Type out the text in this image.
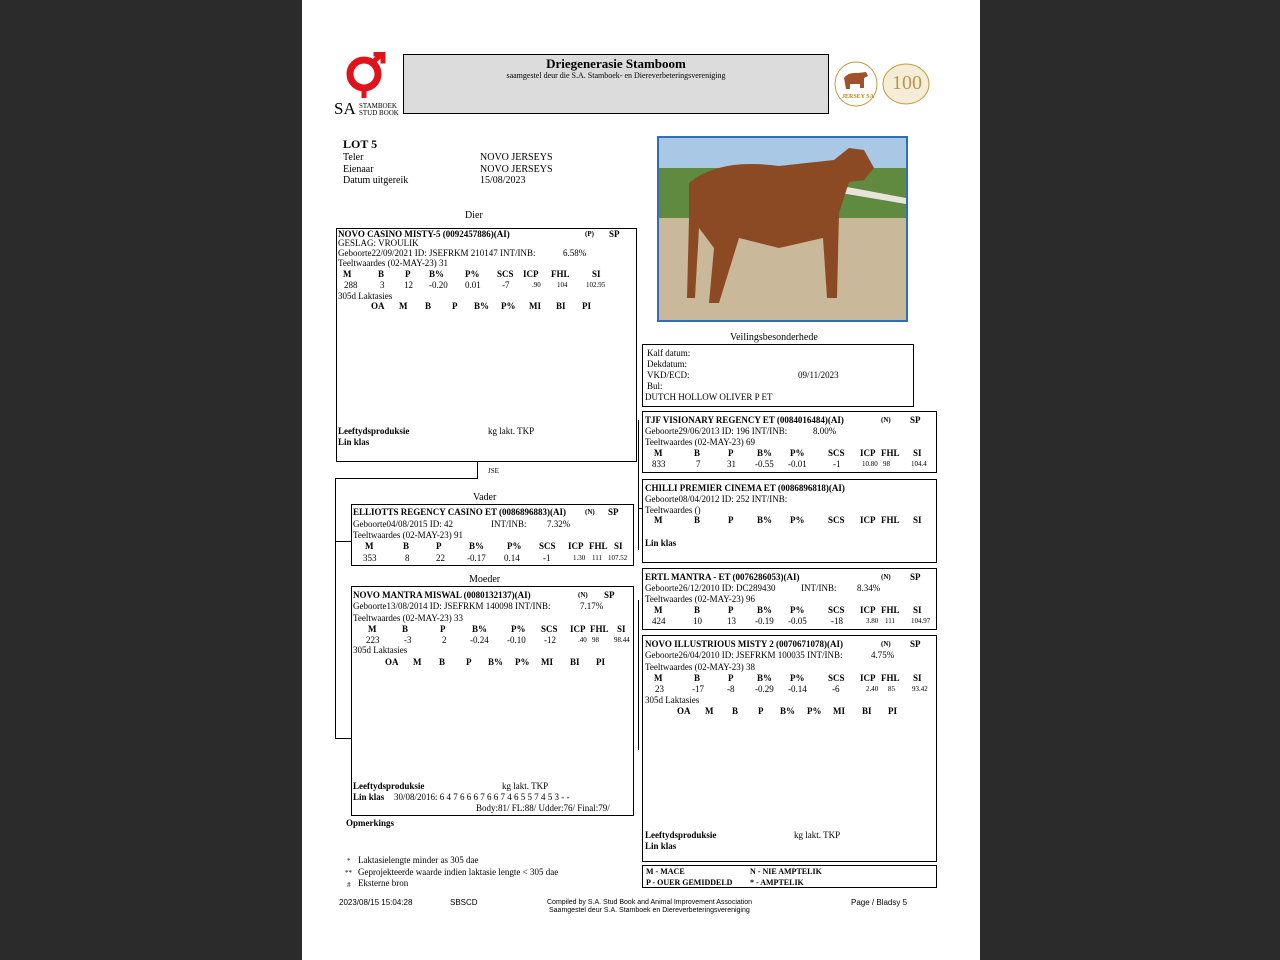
SA STAMBOEK
STUD BOOK
Driegenerasie Stamboom
saamgestel deur die S.A. Stamboek- en Diereverbeteringsvereniging
JERSEY SA
100
LOT 5
Teler	NOVO JERSEYS
Eienaar	NOVO JERSEYS
Datum uitgereik	15/08/2023
Dier
NOVO CASINO MISTY-5 (0092457886)(AI)	(P) SP
GESLAG: VROULIK
Geboorte22/09/2021 ID: JSEFRKM 210147 INT/INB:	6.58%
Teeltwaardes (02-MAY-23) 31
M	B P B% P% SCS ICP FHL SI
288	3 12 -0.20 0.01 -7	.90 104	102.95
305d Laktasies
OA M B P B% P% MI BI PI
Leeftydsproduksie	kg lakt. TKP
Lin klas
JSE
Veilingsbesonderhede
Kalf datum:
Dekdatum:
VKD/ECD:	09/11/2023
Bul:
DUTCH HOLLOW OLIVER P ET
TJF VISIONARY REGENCY ET (0084016484)(AI)	(N) SP
Geboorte29/06/2013 ID: 196 INT/INB:	8.00%
Teeltwaardes (02-MAY-23) 69
M	B	P	B% P%	SCS ICP FHL SI
833	7	31 -0.55 -0.01	-1	10.80 98	104.4
CHILLI PREMIER CINEMA ET (0086896818)(AI)
Geboorte08/04/2012 ID: 252 INT/INB:
Teeltwaardes ()
M	B	P	B% P%	SCS ICP FHL SI
Lin klas
Vader
ELLIOTTS REGENCY CASINO ET (0086896883)(AI)	(N) SP
Geboorte04/08/2015 ID: 42	INT/INB: 7.32%
Teeltwaardes (02-MAY-23) 91
M	B	P	B%	P% SCS ICP FHL SI
353	8	22 -0.17 0.14	-1	1.30 111 107.52
ERTL MANTRA - ET (0076286053)(AI)	(N) SP
Geboorte26/12/2010 ID: DC289430	INT/INB: 8.34%
Teeltwaardes (02-MAY-23) 96
M	B	P	B% P%	SCS ICP FHL SI
424	10	13 -0.19 -0.05	-18	3.80 111 104.97
Moeder
NOVO MANTRA MISWAL (0080132137)(AI)	(N) SP
Geboorte13/08/2014 ID: JSEFRKM 140098 INT/INB:	7.17%
Teeltwaardes (02-MAY-23) 33
M	B	P	B%	P% SCS ICP FHL SI
223	-3	2	-0.24 -0.10 -12	.40 98 98.44
305d Laktasies
OA M B P B% P% MI BI PI
Leeftydsproduksie	kg lakt. TKP
Lin klas 30/08/2016: 6 4 7 6 6 6 7 6 6 7 4 6 5 5 7 4 5 3 - -
Body:81/ FL:88/ Udder:76/ Final:79/
Opmerkings
NOVO ILLUSTRIOUS MISTY 2 (0070671078)(AI)	(N) SP
Geboorte26/04/2010 ID: JSEFRKM 100035 INT/INB:	4.75%
Teeltwaardes (02-MAY-23) 38
M	B	P	B% P%	SCS ICP FHL SI
23	-17	-8 -0.29 -0.14	-6	2.40 85 93.42
305d Laktasies
OA M B P B% P% MI BI PI
Leeftydsproduksie	kg lakt. TKP
Lin klas
M - MACE	N - NIE AMPTELIK
P - OUER GEMIDDELD * - AMPTELIK
* Laktasielengte minder as 305 dae
** Geprojekteerde waarde indien laktasie lengte < 305 dae
# Eksterne bron
2023/08/15 15:04:28	SBSCD	Compiled by S.A. Stud Book and Animal Improvement Association
Saamgestel deur S.A. Stamboek en Diereverbeteringsvereniging
Page / Bladsy 5
